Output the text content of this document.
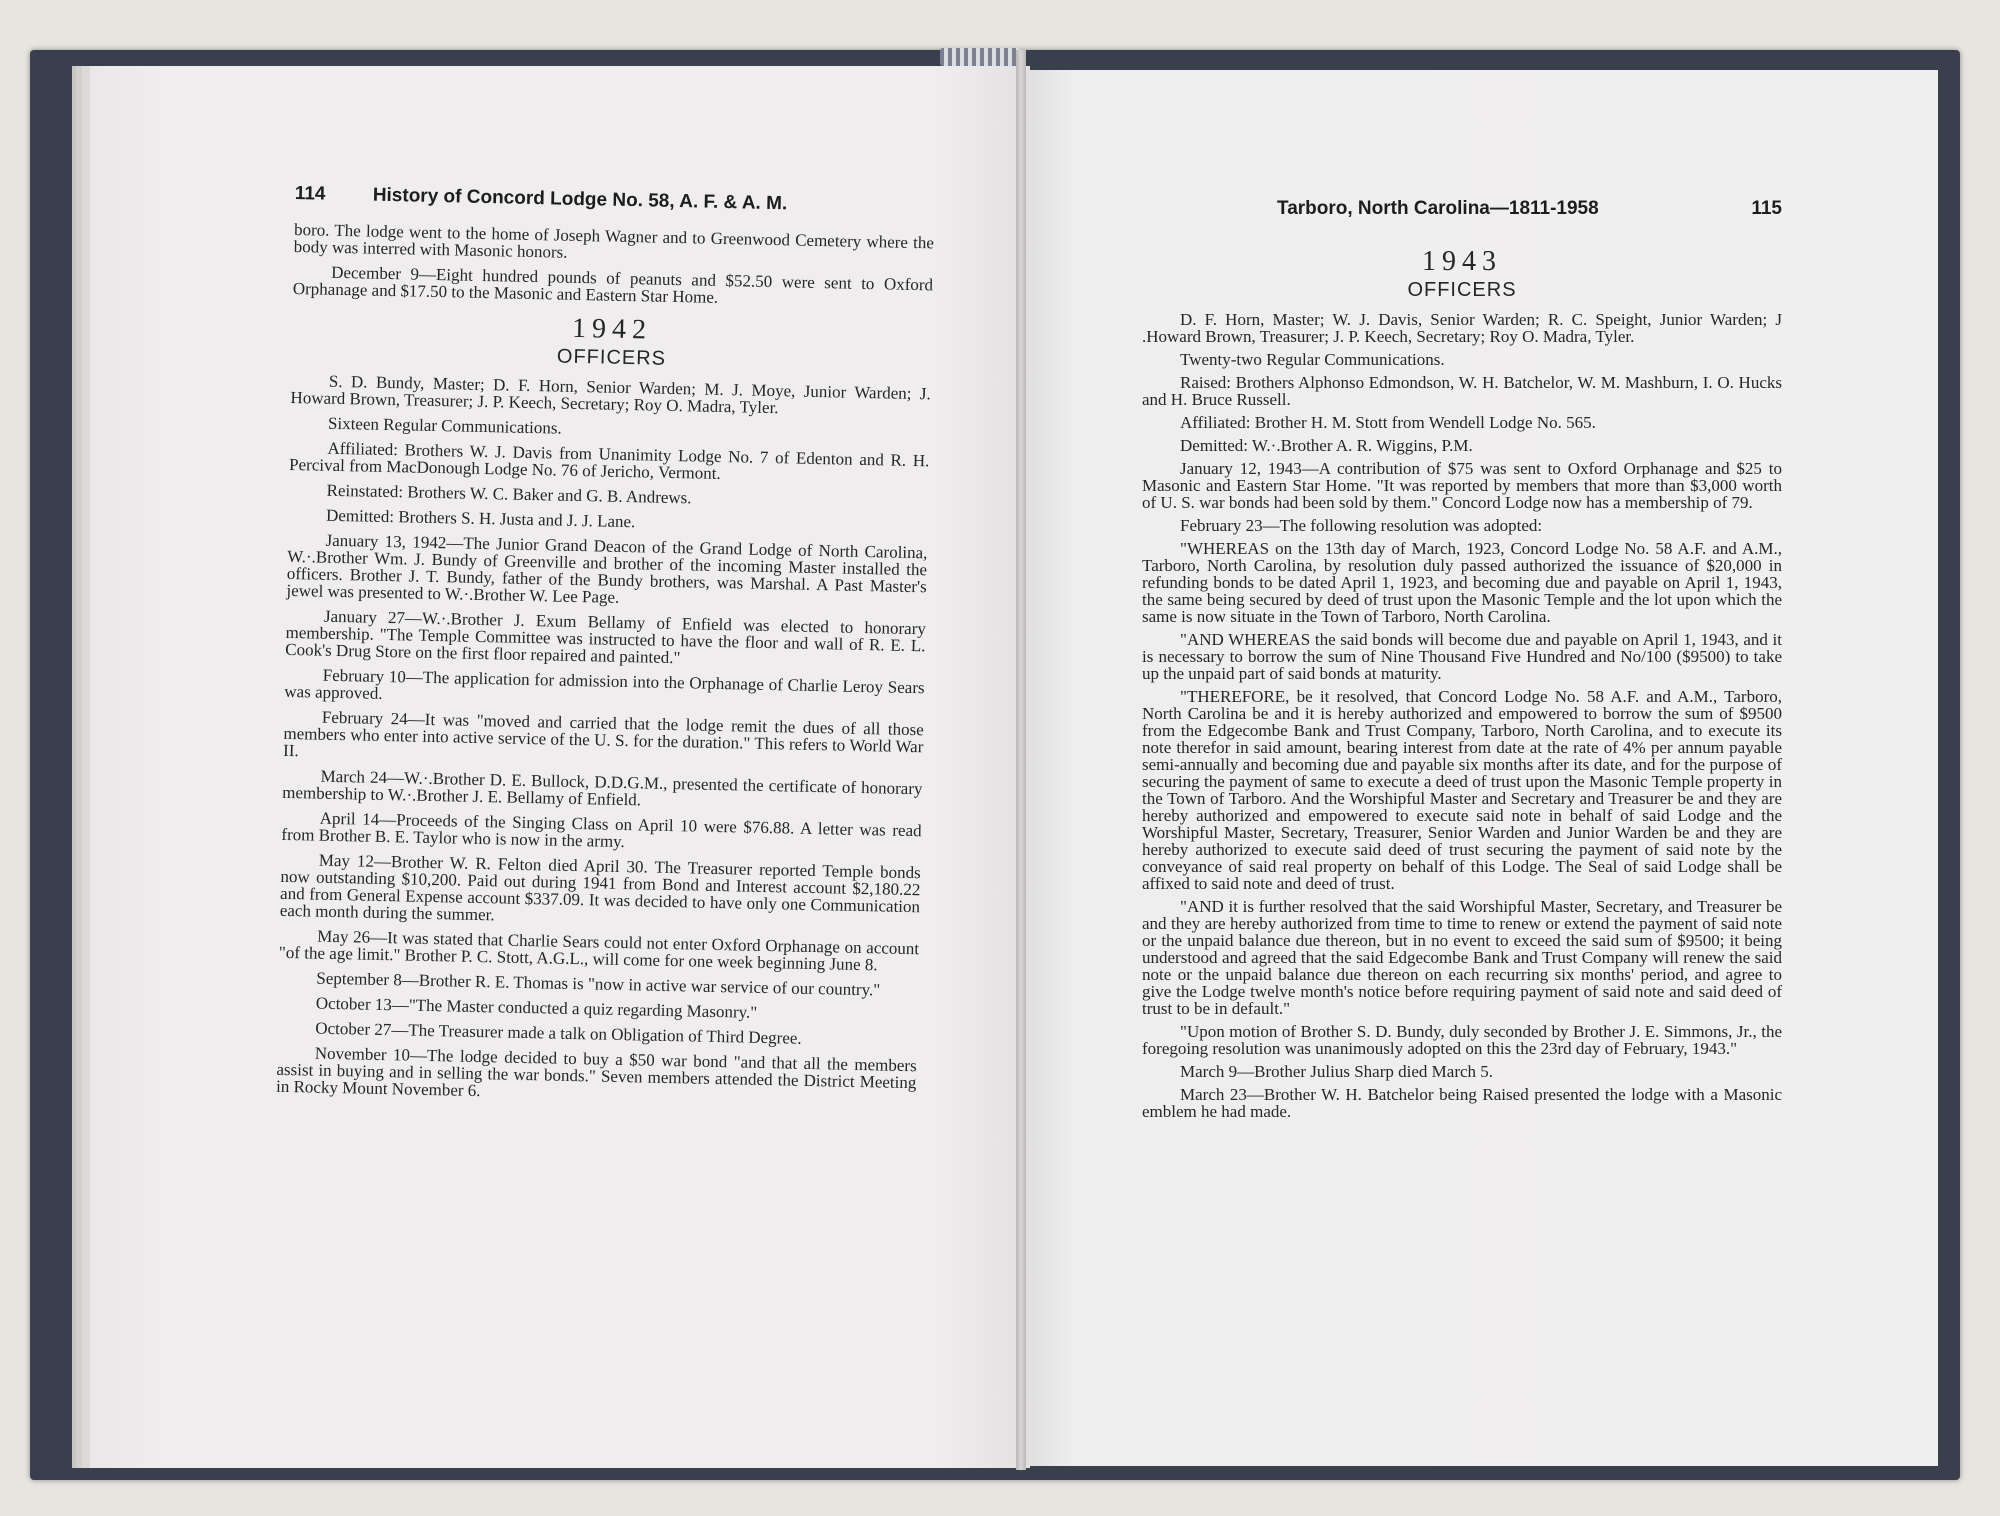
114 History of Concord Lodge No. 58, A. F. & A. M.

boro. The lodge went to the home of Joseph Wagner and to Greenwood Cemetery where the body was interred with Masonic honors.

December 9—Eight hundred pounds of peanuts and $52.50 were sent to Oxford Orphanage and $17.50 to the Masonic and Eastern Star Home.

1942
OFFICERS

S. D. Bundy, Master; D. F. Horn, Senior Warden; M. J. Moye, Junior Warden; J. Howard Brown, Treasurer; J. P. Keech, Secretary; Roy O. Madra, Tyler.

Sixteen Regular Communications.

Affiliated: Brothers W. J. Davis from Unanimity Lodge No. 7 of Edenton and R. H. Percival from MacDonough Lodge No. 76 of Jericho, Vermont.

Reinstated: Brothers W. C. Baker and G. B. Andrews.

Demitted: Brothers S. H. Justa and J. J. Lane.

January 13, 1942—The Junior Grand Deacon of the Grand Lodge of North Carolina, W.·.Brother Wm. J. Bundy of Greenville and brother of the incoming Master installed the officers. Brother J. T. Bundy, father of the Bundy brothers, was Marshal. A Past Master's jewel was presented to W.·.Brother W. Lee Page.

January 27—W.·.Brother J. Exum Bellamy of Enfield was elected to honorary membership. "The Temple Committee was instructed to have the floor and wall of R. E. L. Cook's Drug Store on the first floor repaired and painted."

February 10—The application for admission into the Orphanage of Charlie Leroy Sears was approved.

February 24—It was "moved and carried that the lodge remit the dues of all those members who enter into active service of the U. S. for the duration." This refers to World War II.

March 24—W.·.Brother D. E. Bullock, D.D.G.M., presented the certificate of honorary membership to W.·.Brother J. E. Bellamy of Enfield.

April 14—Proceeds of the Singing Class on April 10 were $76.88. A letter was read from Brother B. E. Taylor who is now in the army.

May 12—Brother W. R. Felton died April 30. The Treasurer reported Temple bonds now outstanding $10,200. Paid out during 1941 from Bond and Interest account $2,180.22 and from General Expense account $337.09. It was decided to have only one Communication each month during the summer.

May 26—It was stated that Charlie Sears could not enter Oxford Orphanage on account "of the age limit." Brother P. C. Stott, A.G.L., will come for one week beginning June 8.

September 8—Brother R. E. Thomas is "now in active war service of our country."

October 13—"The Master conducted a quiz regarding Masonry."

October 27—The Treasurer made a talk on Obligation of Third Degree.

November 10—The lodge decided to buy a $50 war bond "and that all the members assist in buying and in selling the war bonds." Seven members attended the District Meeting in Rocky Mount November 6.

Tarboro, North Carolina—1811-1958	115
1943
OFFICERS

D. F. Horn, Master; W. J. Davis, Senior Warden; R. C. Speight, Junior Warden; J .Howard Brown, Treasurer; J. P. Keech, Secretary; Roy O. Madra, Tyler.

Twenty-two Regular Communications.

Raised: Brothers Alphonso Edmondson, W. H. Batchelor, W. M. Mashburn, I. O. Hucks and H. Bruce Russell.

Affiliated: Brother H. M. Stott from Wendell Lodge No. 565.

Demitted: W.·.Brother A. R. Wiggins, P.M.

January 12, 1943—A contribution of $75 was sent to Oxford Orphanage and $25 to Masonic and Eastern Star Home. "It was reported by members that more than $3,000 worth of U. S. war bonds had been sold by them." Concord Lodge now has a membership of 79.

February 23—The following resolution was adopted:

"WHEREAS on the 13th day of March, 1923, Concord Lodge No. 58 A.F. and A.M., Tarboro, North Carolina, by resolution duly passed authorized the issuance of $20,000 in refunding bonds to be dated April 1, 1923, and becoming due and payable on April 1, 1943, the same being secured by deed of trust upon the Masonic Temple and the lot upon which the same is now situate in the Town of Tarboro, North Carolina.

"AND WHEREAS the said bonds will become due and payable on April 1, 1943, and it is necessary to borrow the sum of Nine Thousand Five Hundred and No/100 ($9500) to take up the unpaid part of said bonds at maturity.

"THEREFORE, be it resolved, that Concord Lodge No. 58 A.F. and A.M., Tarboro, North Carolina be and it is hereby authorized and empowered to borrow the sum of $9500 from the Edgecombe Bank and Trust Company, Tarboro, North Carolina, and to execute its note therefor in said amount, bearing interest from date at the rate of 4% per annum payable semi-annually and becoming due and payable six months after its date, and for the purpose of securing the payment of same to execute a deed of trust upon the Masonic Temple property in the Town of Tarboro. And the Worshipful Master and Secretary and Treasurer be and they are hereby authorized and empowered to execute said note in behalf of said Lodge and the Worshipful Master, Secretary, Treasurer, Senior Warden and Junior Warden be and they are hereby authorized to execute said deed of trust securing the payment of said note by the conveyance of said real property on behalf of this Lodge. The Seal of said Lodge shall be affixed to said note and deed of trust.

"AND it is further resolved that the said Worshipful Master, Secretary, and Treasurer be and they are hereby authorized from time to time to renew or extend the payment of said note or the unpaid balance due thereon, but in no event to exceed the said sum of $9500; it being understood and agreed that the said Edgecombe Bank and Trust Company will renew the said note or the unpaid balance due thereon on each recurring six months' period, and agree to give the Lodge twelve month's notice before requiring payment of said note and said deed of trust to be in default."

"Upon motion of Brother S. D. Bundy, duly seconded by Brother J. E. Simmons, Jr., the foregoing resolution was unanimously adopted on this the 23rd day of February, 1943."

March 9—Brother Julius Sharp died March 5.

March 23—Brother W. H. Batchelor being Raised presented the lodge with a Masonic emblem he had made.
